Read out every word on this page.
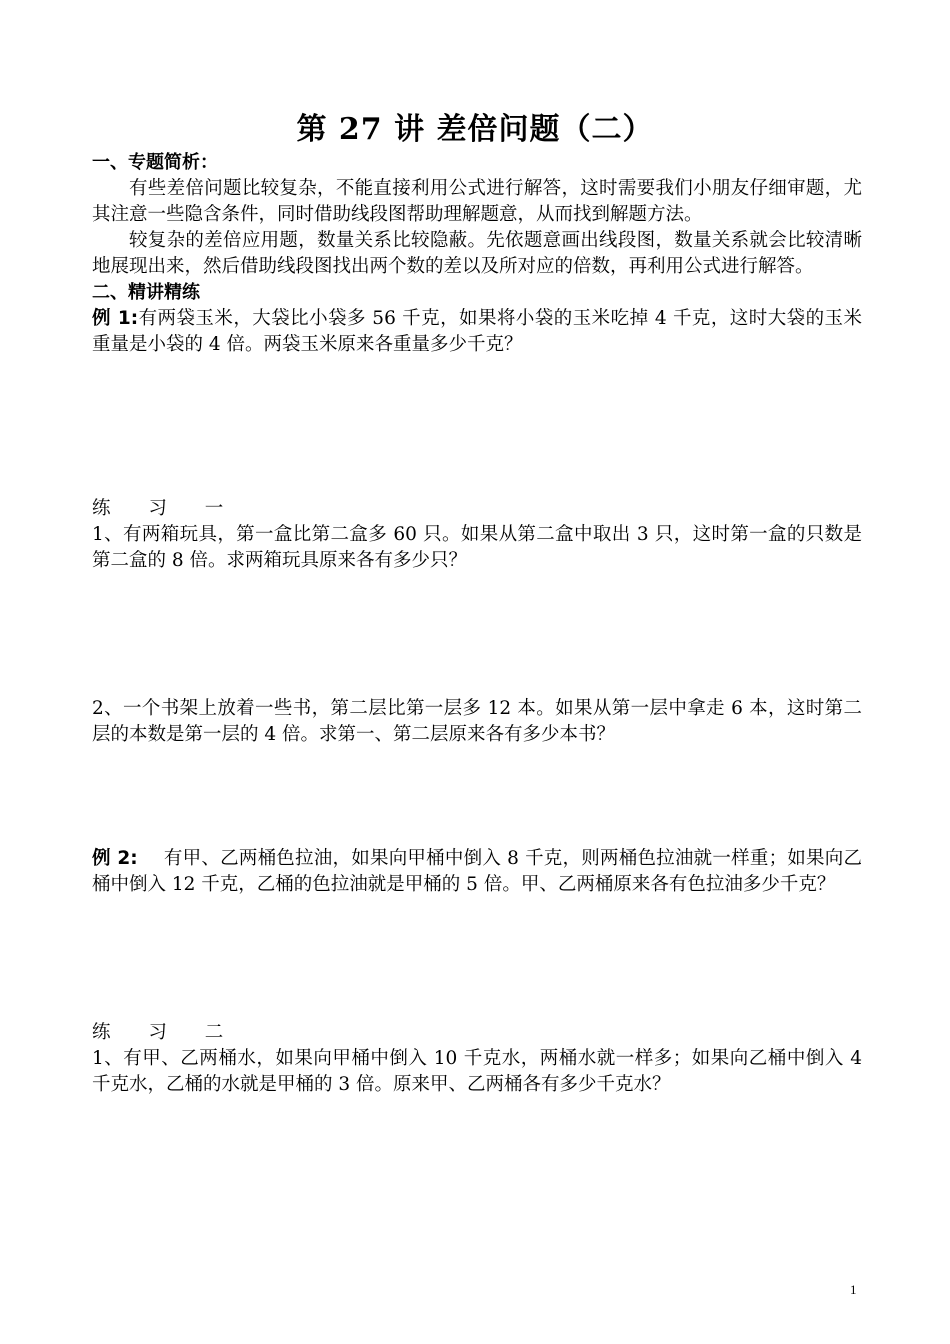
第 27 讲 差倍问题（二）
一、专题简析：
有些差倍问题比较复杂，不能直接利用公式进行解答，这时需要我们小朋友仔细审题，尤其注意一些隐含条件，同时借助线段图帮助理解题意，从而找到解题方法。
较复杂的差倍应用题，数量关系比较隐蔽。先依题意画出线段图，数量关系就会比较清晰地展现出来，然后借助线段图找出两个数的差以及所对应的倍数，再利用公式进行解答。
二、精讲精练
例 1:有两袋玉米，大袋比小袋多 56 千克，如果将小袋的玉米吃掉 4 千克，这时大袋的玉米重量是小袋的 4 倍。两袋玉米原来各重量多少千克？
练 习 一
1、有两箱玩具，第一盒比第二盒多 60 只。如果从第二盒中取出 3 只，这时第一盒的只数是第二盒的 8 倍。求两箱玩具原来各有多少只？
2、一个书架上放着一些书，第二层比第一层多 12 本。如果从第一层中拿走 6 本，这时第二层的本数是第一层的 4 倍。求第一、第二层原来各有多少本书？
例 2: 有甲、乙两桶色拉油，如果向甲桶中倒入 8 千克，则两桶色拉油就一样重；如果向乙桶中倒入 12 千克，乙桶的色拉油就是甲桶的 5 倍。甲、乙两桶原来各有色拉油多少千克？
练 习 二
1、有甲、乙两桶水，如果向甲桶中倒入 10 千克水，两桶水就一样多；如果向乙桶中倒入 4 千克水，乙桶的水就是甲桶的 3 倍。原来甲、乙两桶各有多少千克水？
1
